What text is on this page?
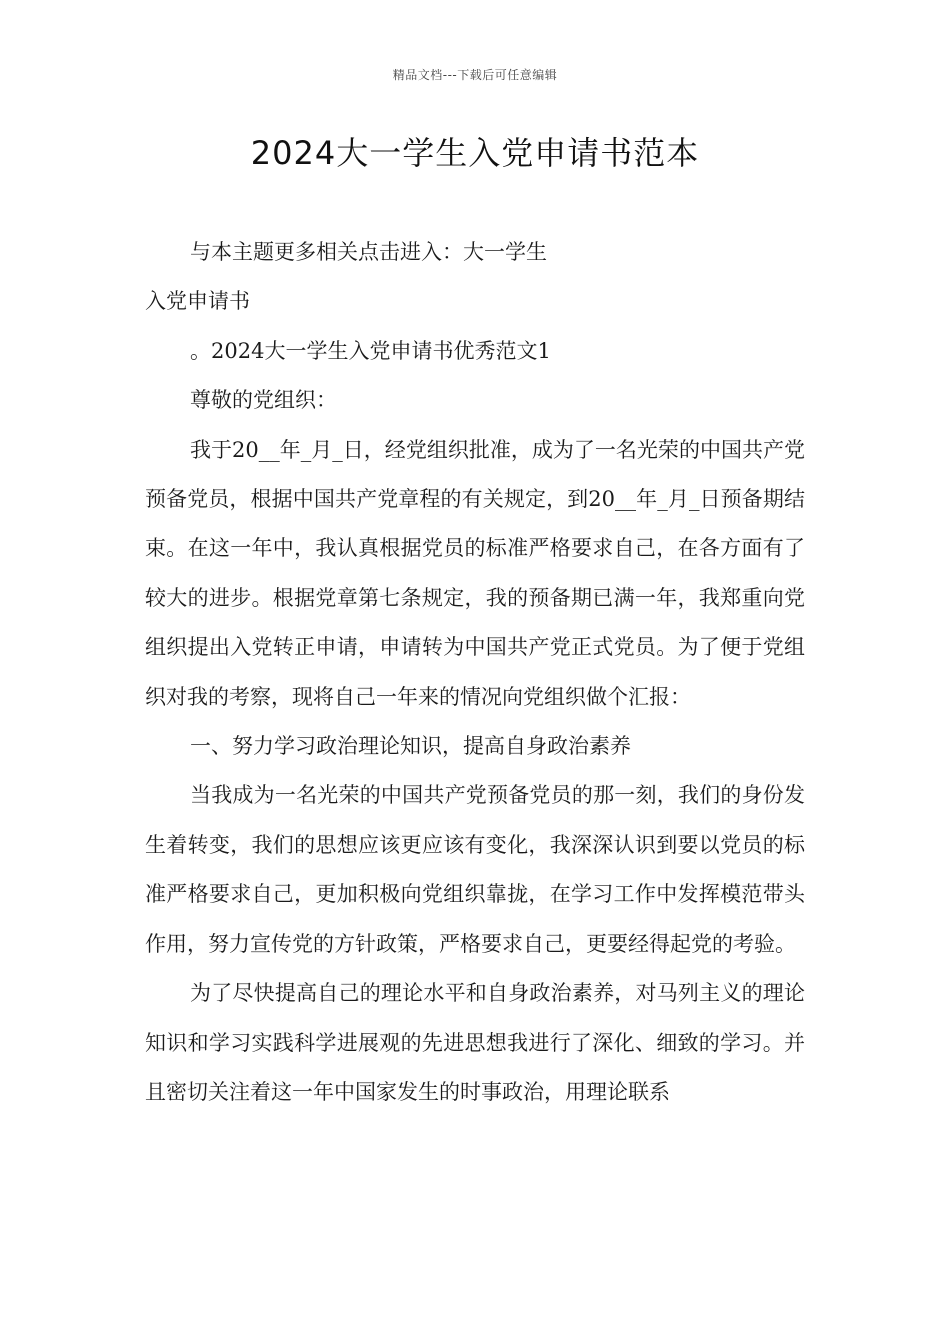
精品文档---下载后可任意编辑
2024大一学生入党申请书范本

与本主题更多相关点击进入：大一学生

入党申请书

。2024大一学生入党申请书优秀范文1

尊敬的党组织：

我于20__年_月_日，经党组织批准，成为了一名光荣的中国共产党预备党员，根据中国共产党章程的有关规定，到20__年_月_日预备期结束。在这一年中，我认真根据党员的标准严格要求自己，在各方面有了较大的进步。根据党章第七条规定，我的预备期已满一年，我郑重向党组织提出入党转正申请，申请转为中国共产党正式党员。为了便于党组织对我的考察，现将自己一年来的情况向党组织做个汇报：

一、努力学习政治理论知识，提高自身政治素养

当我成为一名光荣的中国共产党预备党员的那一刻，我们的身份发生着转变，我们的思想应该更应该有变化，我深深认识到要以党员的标准严格要求自己，更加积极向党组织靠拢，在学习工作中发挥模范带头作用，努力宣传党的方针政策，严格要求自己，更要经得起党的考验。

为了尽快提高自己的理论水平和自身政治素养，对马列主义的理论知识和学习实践科学进展观的先进思想我进行了深化、细致的学习。并且密切关注着这一年中国家发生的时事政治，用理论联系
